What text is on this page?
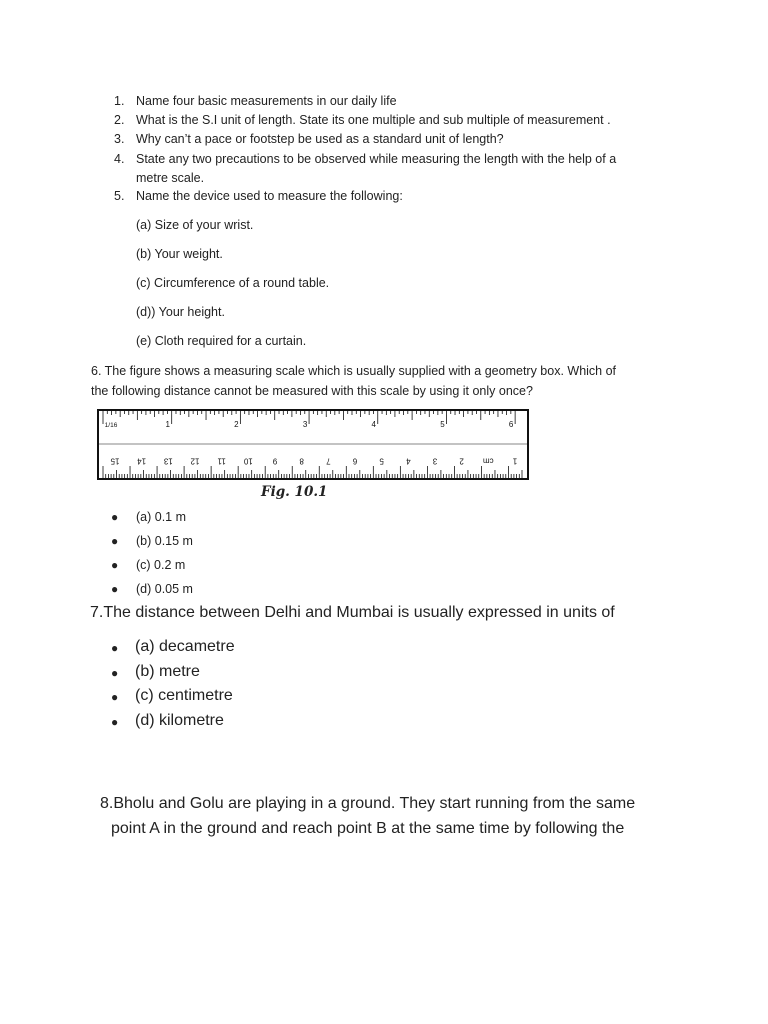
1. Name four basic measurements in our daily life
2. What is the S.I unit of length. State its one multiple and sub multiple of measurement .
3. Why can’t a pace or footstep be used as a standard unit of length?
4. State any two precautions to be observed while measuring the length with the help of a
metre scale.
5. Name the device used to measure the following:
(a) Size of your wrist.
(b) Your weight.
(c) Circumference of a round table.
(d)) Your height.
(e) Cloth required for a curtain.
6. The figure shows a measuring scale which is usually supplied with a geometry box. Which of
the following distance cannot be measured with this scale by using it only once?
1/16	1	2	3	4	5	6
15 14 13 12 11 10 9	8	7	6	5	4	3	2 cm 1
Fig. 10.1
● (a) 0.1 m
● (b) 0.15 m
● (c) 0.2 m
● (d) 0.05 m
7.The distance between Delhi and Mumbai is usually expressed in units of
● (a) decametre
● (b) metre
● (c) centimetre
● (d) kilometre
8.Bholu and Golu are playing in a ground. They start running from the same
point A in the ground and reach point B at the same time by following the
